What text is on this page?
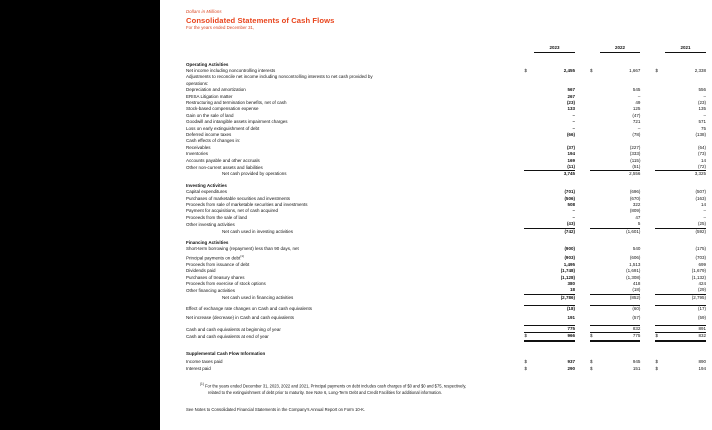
Dollars in Millions
Consolidated Statements of Cash Flows
For the years ended December 31,
		2023			2022			2021

Operating Activities								
Net income including noncontrolling interests	$	2,455		$	1,667		$	2,338
Adjustments to reconcile net income including noncontrolling interests to net cash provided by								
operations:								
Depreciation and amortization		567			545			556
ERISA Litigation matter		267			–			–
Restructuring and termination benefits, net of cash		(23)			49			(23)
Stock-based compensation expense		133			125			135
Gain on the sale of land		–			(47)			–
Goodwill and intangible assets impairment charges		–			721			571
Loss on early extinguishment of debt		–			–			75
Deferred income taxes		(66)			(78)			(138)
Cash effects of changes in:								
Receivables		(37)			(227)			(64)
Inventories		194			(333)			(73)
Accounts payable and other accruals		169			(115)			14
Other non-current assets and liabilities		(11)			(51)			(72)
Net cash provided by operations		3,745			2,556			3,325
Investing Activities								
Capital expenditures		(701)			(696)			(507)
Purchases of marketable securities and investments		(506)			(670)			(163)
Proceeds from sale of marketable securities and investments		508			322			14
Payment for acquisitions, net of cash acquired		–			(809)			–
Proceeds from the sale of land		–			47			–
Other investing activities		(43)			5			(25)
Net cash used in investing activities		(742)			(1,601)			(592)
Financing Activities								
Short-term borrowing (repayment) less than 90 days, net		(900)			540			(175)
Principal payments on debt$^{(1)}$		(903)			(606)			(703)
Proceeds from issuance of debt		1,495			1,513			699
Dividends paid		(1,748)			(1,691)			(1,679)
Purchases of treasury shares		(1,128)			(1,308)			(1,132)
Proceeds from exercise of stock options		380			418			424
Other financing activities		18			(18)			(29)
Net cash used in financing activities		(2,786)			(852)			(2,795)

Effect of exchange rate changes on Cash and cash equivalents		(18)			(60)			(17)

Net increase (decrease) in Cash and cash equivalents		191			(57)			(59)

Cash and cash equivalents at beginning of year		775			832			891
Cash and cash equivalents at end of year	$	966		$	775		$	832

Supplemental Cash Flow Information								

Income taxes paid	$	937		$	945		$	890
Interest paid	$	290		$	151		$	194
$^{(1)}$ For the years ended December 31, 2023, 2022 and 2021, Principal payments on debt includes cash charges of $0 and $0 and $75, respectively,
related to the extinguishment of debt prior to maturity. See Note 6, Long-Term Debt and Credit Facilities for additional information.
See Notes to Consolidated Financial Statements in the Company's Annual Report on Form 10-K.
